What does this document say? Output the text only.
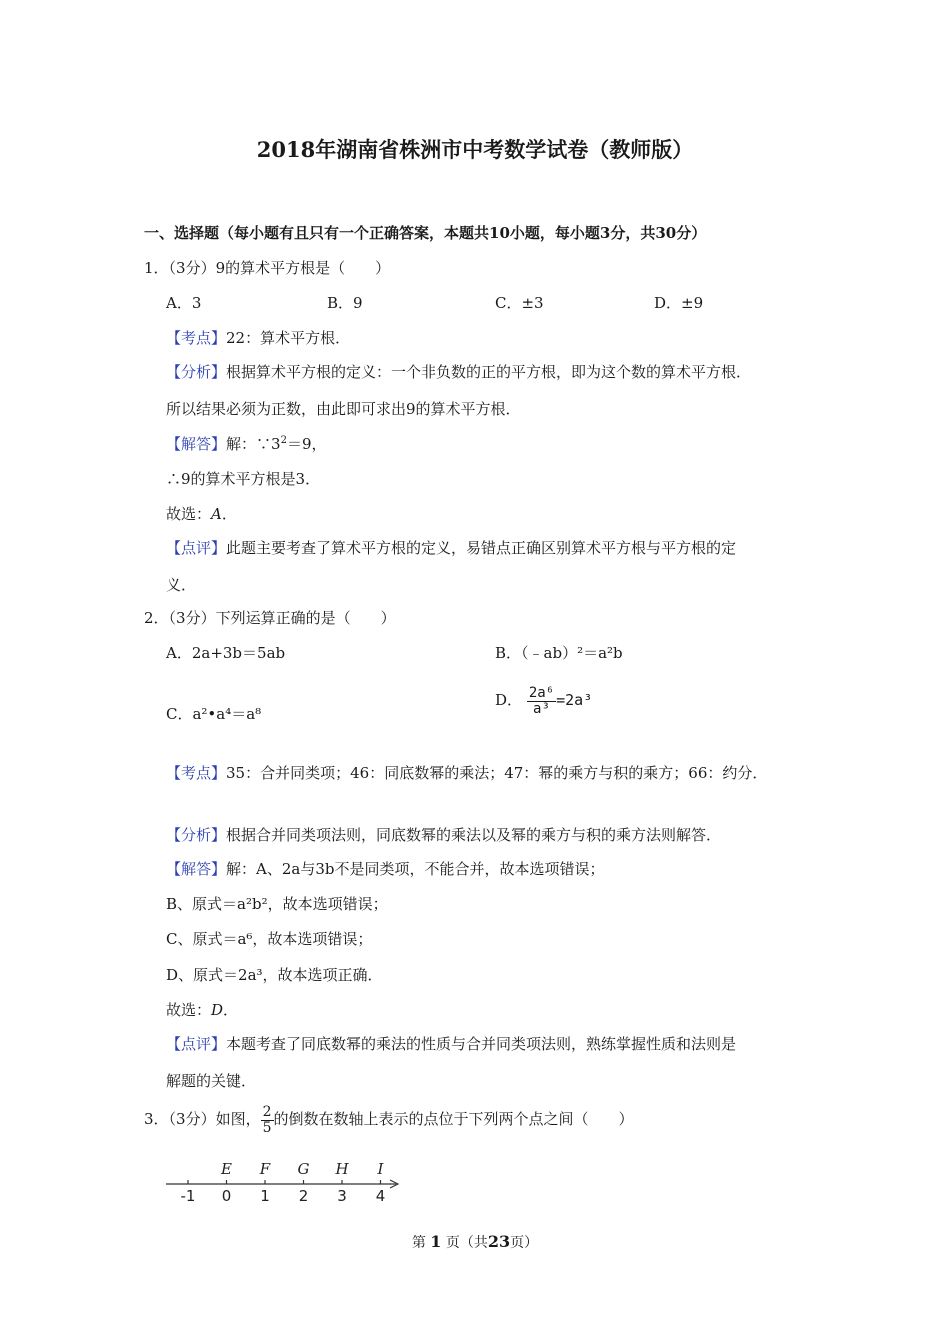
2018年湖南省株洲市中考数学试卷（教师版）
一、选择题（每小题有且只有一个正确答案，本题共10小题，每小题3分，共30分）
1．（3分）9的算术平方根是（　　）
A．3	B．9	C．±3	D．±9
【考点】22：算术平方根．
【分析】根据算术平方根的定义：一个非负数的正的平方根，即为这个数的算术平方根．
所以结果必须为正数，由此即可求出9的算术平方根．
【解答】解：$\because 3^2=9$，
∴9的算术平方根是3．
故选：A．
【点评】此题主要考查了算术平方根的定义，易错点正确区别算术平方根与平方根的定
义．
2．（3分）下列运算正确的是（　　）
A．2a+3b＝5ab	B．（﹣ab）²＝a²b
C．a²•a⁴＝a⁸
D． $\frac{\text{2a⁶}}{\text{a³}} =2a^3$
【考点】35：合并同类项；46：同底数幂的乘法；47：幂的乘方与积的乘方；66：约分．
【分析】根据合并同类项法则，同底数幂的乘法以及幂的乘方与积的乘方法则解答．
【解答】解：A、2a与3b不是同类项，不能合并，故本选项错误；
B、原式＝a²b²，故本选项错误；
C、原式＝a⁶，故本选项错误；
D、原式＝2a³，故本选项正确．
故选：D．
【点评】本题考查了同底数幂的乘法的性质与合并同类项法则，熟练掌握性质和法则是
解题的关键．
3．（3分）如图， $\frac{2}{5}$ 的倒数在数轴上表示的点位于下列两个点之间（　　）
-1 0 1 2 3 4
E F G H I
第 1 页（共23页）
